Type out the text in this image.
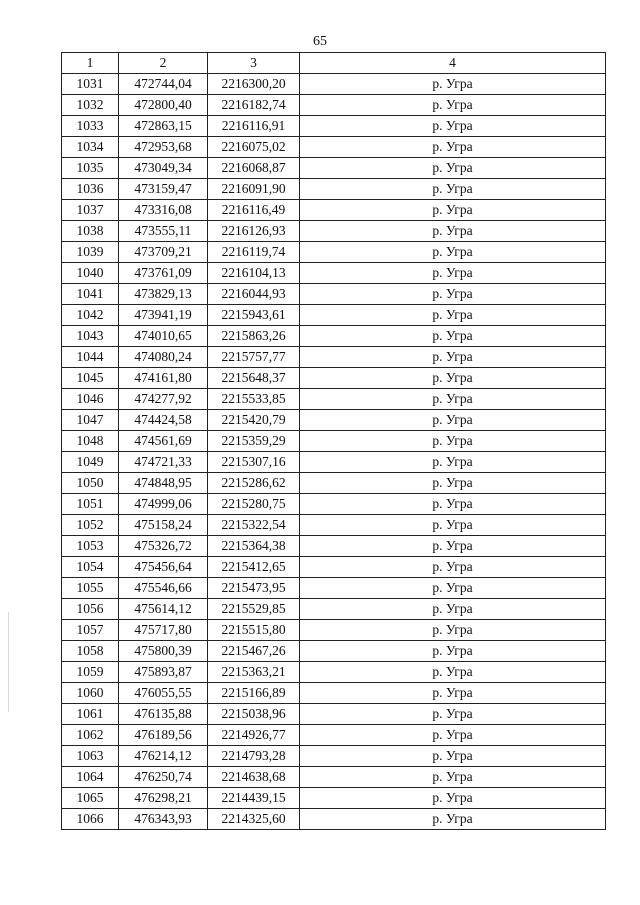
65
1	2	3	4
1031	472744,04	2216300,20	р. Угра
1032	472800,40	2216182,74	р. Угра
1033	472863,15	2216116,91	р. Угра
1034	472953,68	2216075,02	р. Угра
1035	473049,34	2216068,87	р. Угра
1036	473159,47	2216091,90	р. Угра
1037	473316,08	2216116,49	р. Угра
1038	473555,11	2216126,93	р. Угра
1039	473709,21	2216119,74	р. Угра
1040	473761,09	2216104,13	р. Угра
1041	473829,13	2216044,93	р. Угра
1042	473941,19	2215943,61	р. Угра
1043	474010,65	2215863,26	р. Угра
1044	474080,24	2215757,77	р. Угра
1045	474161,80	2215648,37	р. Угра
1046	474277,92	2215533,85	р. Угра
1047	474424,58	2215420,79	р. Угра
1048	474561,69	2215359,29	р. Угра
1049	474721,33	2215307,16	р. Угра
1050	474848,95	2215286,62	р. Угра
1051	474999,06	2215280,75	р. Угра
1052	475158,24	2215322,54	р. Угра
1053	475326,72	2215364,38	р. Угра
1054	475456,64	2215412,65	р. Угра
1055	475546,66	2215473,95	р. Угра
1056	475614,12	2215529,85	р. Угра
1057	475717,80	2215515,80	р. Угра
1058	475800,39	2215467,26	р. Угра
1059	475893,87	2215363,21	р. Угра
1060	476055,55	2215166,89	р. Угра
1061	476135,88	2215038,96	р. Угра
1062	476189,56	2214926,77	р. Угра
1063	476214,12	2214793,28	р. Угра
1064	476250,74	2214638,68	р. Угра
1065	476298,21	2214439,15	р. Угра
1066	476343,93	2214325,60	р. Угра
